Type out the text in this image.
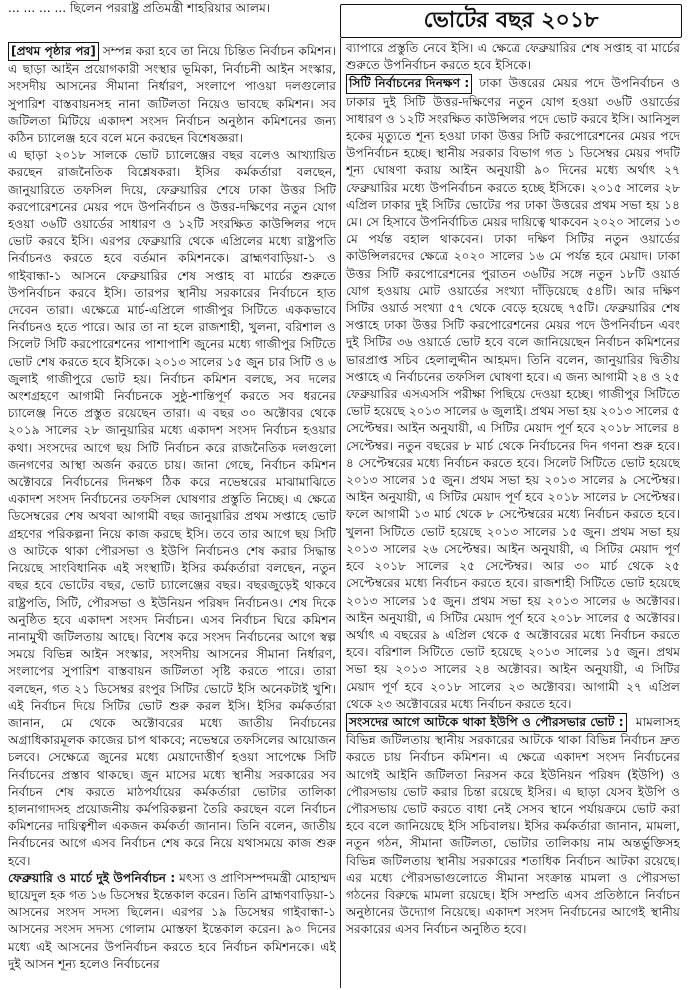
... ... ... ... ছিলেন পররাষ্ট্র প্রতিমন্ত্রী শাহরিয়ার আলম।	ভোটের বছর ২০১৮

[প্রথম পৃষ্ঠার পর] সম্পন্ন করা হবে তা নিয়ে চিন্তিত নির্বাচন কমিশন। এ ছাড়া আইন প্রয়োগকারী সংস্থার ভূমিকা, নির্বাচনী আইন সংস্কার, সংসদীয় আসনের সীমানা নির্ধারণ, সংলাপে পাওয়া দলগুলোর সুপারিশ বাস্তবায়নসহ নানা জটিলতা নিয়েও ভাবছে কমিশন। সব জটিলতা মিটিয়ে একাদশ সংসদ নির্বাচন অনুষ্ঠান কমিশনের জন্য কঠিন চ্যালেঞ্জ হবে বলে মনে করছেন বিশেষজ্ঞরা।

এ ছাড়া ২০১৮ সালকে ভোট চ্যালেঞ্জের বছর বলেও আখ্যায়িত করছেন রাজনৈতিক বিশ্লেষকরা। ইসির কর্মকর্তারা বলছেন, জানুয়ারিতে তফসিল দিয়ে, ফেব্রুয়ারির শেষে ঢাকা উত্তর সিটি করপোরেশনের মেয়র পদে উপনির্বাচন ও উত্তর-দক্ষিণের নতুন যোগ হওয়া ৩৬টি ওয়ার্ডের সাধারণ ও ১২টি সংরক্ষিত কাউন্সিলর পদে ভোট করবে ইসি। এরপর ফেব্রুয়ারি থেকে এপ্রিলের মধ্যে রাষ্ট্রপতি নির্বাচনও করতে হবে বর্তমান কমিশনকে। ব্রাহ্মণবাড়িয়া-১ ও গাইবান্ধা-১ আসনে ফেব্রুয়ারির শেষ সপ্তাহ বা মার্চের শুরুতে উপনির্বাচন করবে ইসি। তারপর স্থানীয় সরকারের নির্বাচনে হাত দেবেন তারা। এক্ষেত্রে মার্চ-এপ্রিলে গাজীপুর সিটিতে এককভাবে নির্বাচনও হতে পারে। আর তা না হলে রাজশাহী, খুলনা, বরিশাল ও সিলেট সিটি করপোরেশনের পাশাপাশি জুনের মধ্যে গাজীপুর সিটিতে ভোট শেষ করতে হবে ইসিকে। ২০১৩ সালের ১৫ জুন চার সিটি ও ৬ জুলাই গাজীপুরে ভোট হয়। নির্বাচন কমিশন বলছে, সব দলের অংশগ্রহণে আগামী নির্বাচনকে সুষ্ঠু-শান্তিপূর্ণ করতে সব ধরনের চ্যালেঞ্জ নিতে প্রস্তুত রয়েছেন তারা। এ বছর ৩০ অক্টোবর থেকে ২০১৯ সালের ২৮ জানুয়ারির মধ্যে একাদশ সংসদ নির্বাচন হওয়ার কথা। সংসদের আগে ছয় সিটি নির্বাচন করে রাজনৈতিক দলগুলো জনগণের আস্থা অর্জন করতে চায়। জানা গেছে, নির্বাচন কমিশন অক্টোবরে নির্বাচনের দিনক্ষণ ঠিক করে নভেম্বরের মাঝামাঝিতে একাদশ সংসদ নির্বাচনের তফসিল ঘোষণার প্রস্তুতি নিচ্ছে। এ ক্ষেত্রে ডিসেম্বরের শেষ অথবা আগামী বছর জানুয়ারির প্রথম সপ্তাহে ভোট গ্রহণের পরিকল্পনা নিয়ে কাজ করছে ইসি। তবে তার আগে ছয় সিটি ও আটকে থাকা পৌরসভা ও ইউপি নির্বাচনও শেষ করার সিদ্ধান্ত নিয়েছে সাংবিধানিক এই সংস্থাটি। ইসির কর্মকর্তারা বলছেন, নতুন বছর হবে ভোটের বছর, ভোট চ্যালেঞ্জের বছর। বছরজুড়েই থাকবে রাষ্ট্রপতি, সিটি, পৌরসভা ও ইউনিয়ন পরিষদ নির্বাচনও। শেষ দিকে অনুষ্ঠিত হবে একাদশ সংসদ নির্বাচন। এসব নির্বাচন ঘিরে কমিশন নানামুখী জটিলতায় আছে। বিশেষ করে সংসদ নির্বাচনের আগে স্বল্প সময়ে বিভিন্ন আইন সংস্কার, সংসদীয় আসনের সীমানা নির্ধারণ, সংলাপের সুপারিশ বাস্তবায়ন জটিলতা সৃষ্টি করতে পারে। তারা বলছেন, গত ২১ ডিসেম্বর রংপুর সিটির ভোটে ইসি অনেকটাই খুশি। এই নির্বাচন দিয়ে সিটির ভোট শুরু করল ইসি। ইসির কর্মকর্তারা জানান, মে থেকে অক্টোবরের মধ্যে জাতীয় নির্বাচনের অগ্রাধিকারমূলক কাজের চাপ থাকবে; নভেম্বরে তফসিলের আয়োজন চলবে। সেক্ষেত্রে জুনের মধ্যে মেয়াদোত্তীর্ণ হওয়া সাপেক্ষে সিটি নির্বাচনের প্রস্তাব থাকছে। জুন মাসের মধ্যে স্থানীয় সরকারের সব নির্বাচন শেষ করতে মাঠপর্যায়ের কর্মকর্তারা ভোটার তালিকা হালনাগাদসহ প্রয়োজনীয় কর্মপরিকল্পনা তৈরি করছেন বলে নির্বাচন কমিশনের দায়িত্বশীল একজন কর্মকর্তা জানান। তিনি বলেন, জাতীয় নির্বাচনের আগে এসব নির্বাচন শেষ করে নিয়ে যথাসময়ে কাজ শুরু হবে।

ফেব্রুয়ারি ও মার্চে দুই উপনির্বাচন : মৎস্য ও প্রাণিসম্পদমন্ত্রী মোহাম্মদ ছায়েদুল হক গত ১৬ ডিসেম্বর ইন্তেকাল করেন। তিনি ব্রাহ্মণবাড়িয়া-১ আসনের সংসদ সদস্য ছিলেন। এরপর ১৯ ডিসেম্বর গাইবান্ধা-১ আসনের সংসদ সদস্য গোলাম মোস্তফা ইন্তেকাল করেন। ৯০ দিনের মধ্যে এই আসনের উপনির্বাচন করতে হবে নির্বাচন কমিশনকে। এই দুই আসন শূন্য হলেও নির্বাচনের

ব্যাপারে প্রস্তুতি নেবে ইসি। এ ক্ষেত্রে ফেব্রুয়ারির শেষ সপ্তাহ বা মার্চের শুরুতে উপনির্বাচন করতে হবে ইসিকে।

সিটি নির্বাচনের দিনক্ষণ : ঢাকা উত্তরের মেয়র পদে উপনির্বাচন ও ঢাকার দুই সিটি উত্তর-দক্ষিণের নতুন যোগ হওয়া ৩৬টি ওয়ার্ডের সাধারণ ও ১২টি সংরক্ষিত কাউন্সিলর পদে ভোট করবে ইসি। আনিসুল হকের মৃত্যুতে শূন্য হওয়া ঢাকা উত্তর সিটি করপোরেশনের মেয়র পদে উপনির্বাচন হচ্ছে। স্থানীয় সরকার বিভাগ গত ১ ডিসেম্বর মেয়র পদটি শূন্য ঘোষণা করায় আইন অনুযায়ী ৯০ দিনের মধ্যে অর্থাৎ ২৭ ফেব্রুয়ারির মধ্যে উপনির্বাচন করতে হচ্ছে ইসিকে। ২০১৫ সালের ২৮ এপ্রিল ঢাকার দুই সিটির ভোটের পর ঢাকা উত্তরের প্রথম সভা হয় ১৪ মে। সে হিসাবে উপনির্বাচিত মেয়র দায়িত্বে থাকবেন ২০২০ সালের ১৩ মে পর্যন্ত বহাল থাকবেন। ঢাকা দক্ষিণ সিটির নতুন ওয়ার্ডের কাউন্সিলরদের ক্ষেত্রে ২০২০ সালের ১৬ মে পর্যন্ত হবে মেয়াদ। ঢাকা উত্তর সিটি করপোরেশনের পুরাতন ৩৬টির সঙ্গে নতুন ১৮টি ওয়ার্ড যোগ হওয়ায় মোট ওয়ার্ডের সংখ্যা দাঁড়িয়েছে ৫৪টি। আর দক্ষিণ সিটির ওয়ার্ড সংখ্যা ৫৭ থেকে বেড়ে হয়েছে ৭৫টি। ফেব্রুয়ারির শেষ সপ্তাহে ঢাকা উত্তর সিটি করপোরেশনের মেয়র পদে উপনির্বাচন এবং দুই সিটির ৩৬ ওয়ার্ডে ভোট হবে বলে জানিয়েছেন নির্বাচন কমিশনের ভারপ্রাপ্ত সচিব হেলালুদ্দীন আহমদ। তিনি বলেন, জানুয়ারির দ্বিতীয় সপ্তাহে এ নির্বাচনের তফসিল ঘোষণা হবে। এ জন্য আগামী ২৪ ও ২৫ ফেব্রুয়ারির এসএসসি পরীক্ষা পিছিয়ে দেওয়া হচ্ছে। গাজীপুর সিটিতে ভোট হয়েছে ২০১৩ সালের ৬ জুলাই। প্রথম সভা হয় ২০১৩ সালের ৫ সেপ্টেম্বর। আইন অনুযায়ী, এ সিটির মেয়াদ পূর্ণ হবে ২০১৮ সালের ৪ সেপ্টেম্বর। নতুন বছরের ৮ মার্চ থেকে নির্বাচনের দিন গণনা শুরু হবে। ৪ সেপ্টেম্বরের মধ্যে নির্বাচন করতে হবে। সিলেট সিটিতে ভোট হয়েছে ২০১৩ সালের ১৫ জুন। প্রথম সভা হয় ২০১৩ সালের ৯ সেপ্টেম্বর। আইন অনুযায়ী, এ সিটির মেয়াদ পূর্ণ হবে ২০১৮ সালের ৮ সেপ্টেম্বর। ফলে আগামী ১৩ মার্চ থেকে ৮ সেপ্টেম্বরের মধ্যে নির্বাচন করতে হবে। খুলনা সিটিতে ভোট হয়েছে ২০১৩ সালের ১৫ জুন। প্রথম সভা হয় ২০১৩ সালের ২৬ সেপ্টেম্বর। আইন অনুযায়ী, এ সিটির মেয়াদ পূর্ণ হবে ২০১৮ সালের ২৫ সেপ্টেম্বর। আর ৩০ মার্চ থেকে ২৫ সেপ্টেম্বরের মধ্যে নির্বাচন করতে হবে। রাজশাহী সিটিতে ভোট হয়েছে ২০১৩ সালের ১৫ জুন। প্রথম সভা হয় ২০১৩ সালের ৬ অক্টোবর। আইন অনুযায়ী, এ সিটির মেয়াদ পূর্ণ হবে ২০১৮ সালের ৫ অক্টোবর। অর্থাৎ এ বছরের ৯ এপ্রিল থেকে ৫ অক্টোবরের মধ্যে নির্বাচন করতে হবে। বরিশাল সিটিতে ভোট হয়েছে ২০১৩ সালের ১৫ জুন। প্রথম সভা হয় ২০১৩ সালের ২৪ অক্টোবর। আইন অনুযায়ী, এ সিটির মেয়াদ পূর্ণ হবে ২০১৮ সালের ২৩ অক্টোবর। আগামী ২৭ এপ্রিল থেকে ২৩ অক্টোবরের মধ্যে নির্বাচন করতে হবে।

সংসদের আগে আটকে থাকা ইউপি ও পৌরসভার ভোট : মামলাসহ বিভিন্ন জটিলতায় স্থানীয় সরকারের আটকে থাকা বিভিন্ন নির্বাচন দ্রুত করতে চায় নির্বাচন কমিশন। এ ক্ষেত্রে একাদশ সংসদ নির্বাচনের আগেই আইনি জটিলতা নিরসন করে ইউনিয়ন পরিষদ (ইউপি) ও পৌরসভায় ভোট করার চিন্তা রয়েছে ইসির। এ ছাড়া যেসব ইউপি ও পৌরসভায় ভোট করতে বাধা নেই সেসব স্থানে পর্যায়ক্রমে ভোট করা হবে বলে জানিয়েছে ইসি সচিবালয়। ইসির কর্মকর্তারা জানান, মামলা, নতুন গঠন, সীমানা জটিলতা, ভোটার তালিকায় নাম অন্তর্ভুক্তিসহ বিভিন্ন জটিলতায় স্থানীয় সরকারের শতাধিক নির্বাচন আটকা রয়েছে। এর মধ্যে পৌরসভাগুলোতে সীমানা সংক্রান্ত মামলা ও পৌরসভা গঠনের বিরুদ্ধে মামলা রয়েছে। ইসি সম্প্রতি এসব প্রতিষ্ঠানে নির্বাচন অনুষ্ঠানের উদ্যোগ নিয়েছে। একাদশ সংসদ নির্বাচনের আগেই স্থানীয় সরকারের এসব নির্বাচন অনুষ্ঠিত হবে।
